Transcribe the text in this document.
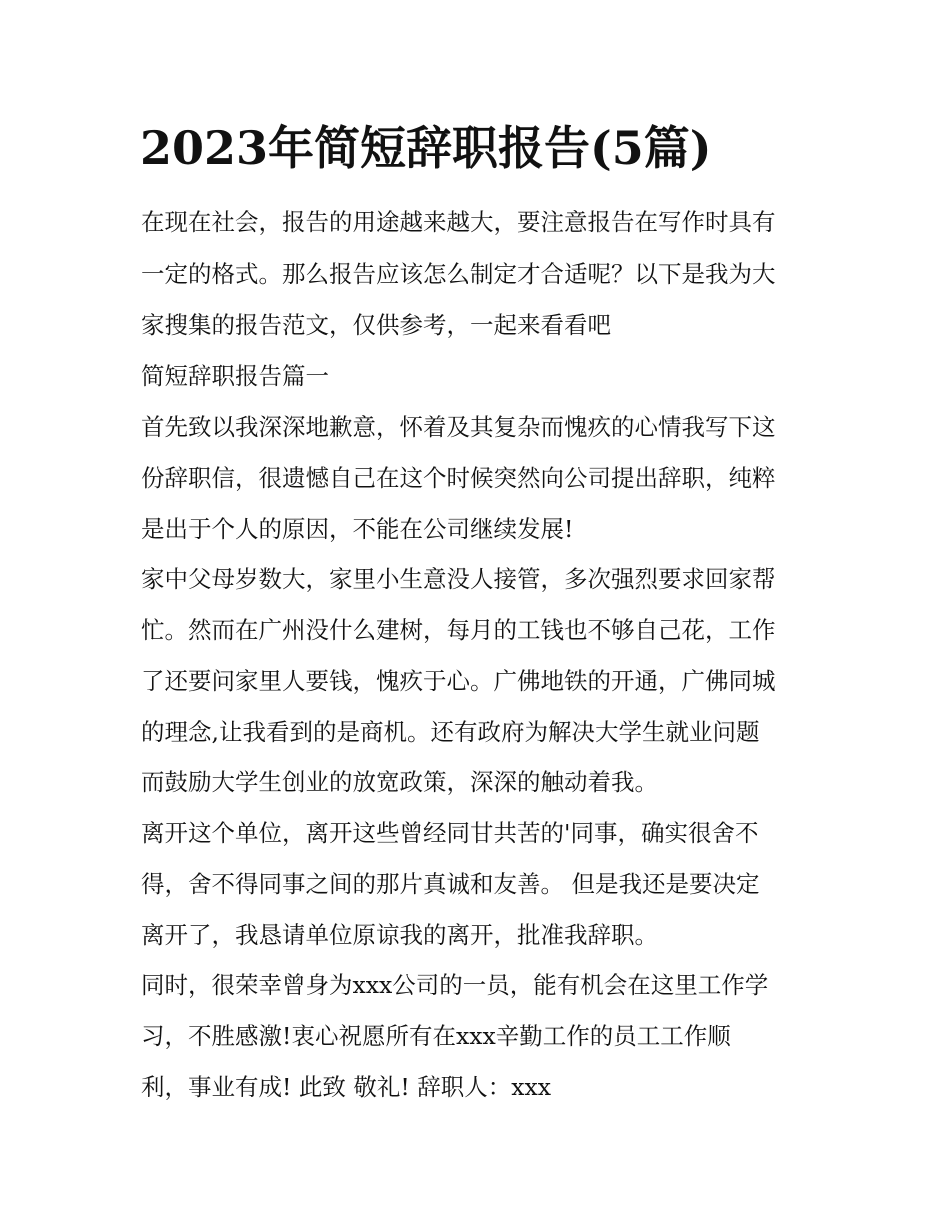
2023年简短辞职报告(5篇)

在现在社会，报告的用途越来越大，要注意报告在写作时具有

一定的格式。那么报告应该怎么制定才合适呢？以下是我为大

家搜集的报告范文，仅供参考，一起来看看吧

简短辞职报告篇一

首先致以我深深地歉意，怀着及其复杂而愧疚的心情我写下这

份辞职信，很遗憾自己在这个时候突然向公司提出辞职，纯粹

是出于个人的原因，不能在公司继续发展!

家中父母岁数大，家里小生意没人接管，多次强烈要求回家帮

忙。然而在广州没什么建树，每月的工钱也不够自己花，工作

了还要问家里人要钱，愧疚于心。广佛地铁的开通，广佛同城

的理念,让我看到的是商机。还有政府为解决大学生就业问题

而鼓励大学生创业的放宽政策，深深的触动着我。

离开这个单位，离开这些曾经同甘共苦的'同事，确实很舍不

得，舍不得同事之间的那片真诚和友善。 但是我还是要决定

离开了，我恳请单位原谅我的离开，批准我辞职。

同时，很荣幸曾身为xxx公司的一员，能有机会在这里工作学

习，不胜感激!衷心祝愿所有在xxx辛勤工作的员工工作顺

利，事业有成! 此致 敬礼! 辞职人：xxx
